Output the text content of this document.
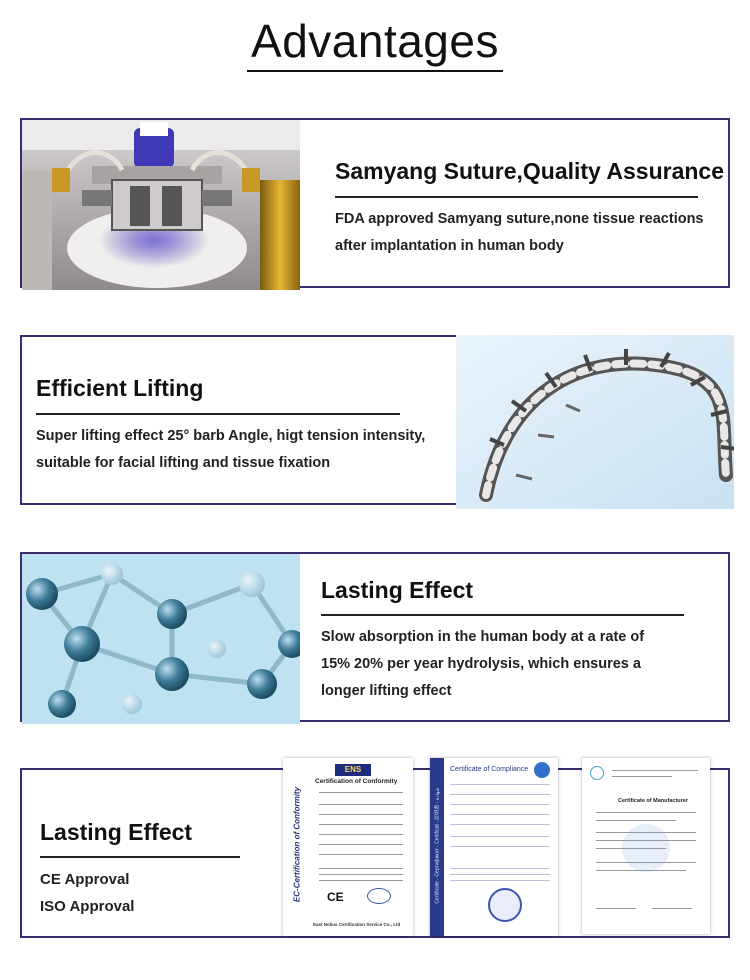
Advantages
Samyang Suture,Quality Assurance
FDA approved Samyang suture,none tissue reactions
after implantation in human body
Efficient Lifting
Super lifting effect 25° barb Angle, higt tension intensity,
suitable for facial lifting and tissue fixation
Lasting Effect
Slow absorption in the human body at a rate of
15% 20% per year hydrolysis, which ensures a
longer lifting effect
Lasting Effect
CE Approval
ISO Approval
EC-Certification of Conformity
ENS
Certification of Conformity
CE
East Nolius Certification Service Co., Ltd
Certificate - Сертификат - Certificat - 証明書 - شهادة
Certificate of Compliance
Certificate of Manufacturer
